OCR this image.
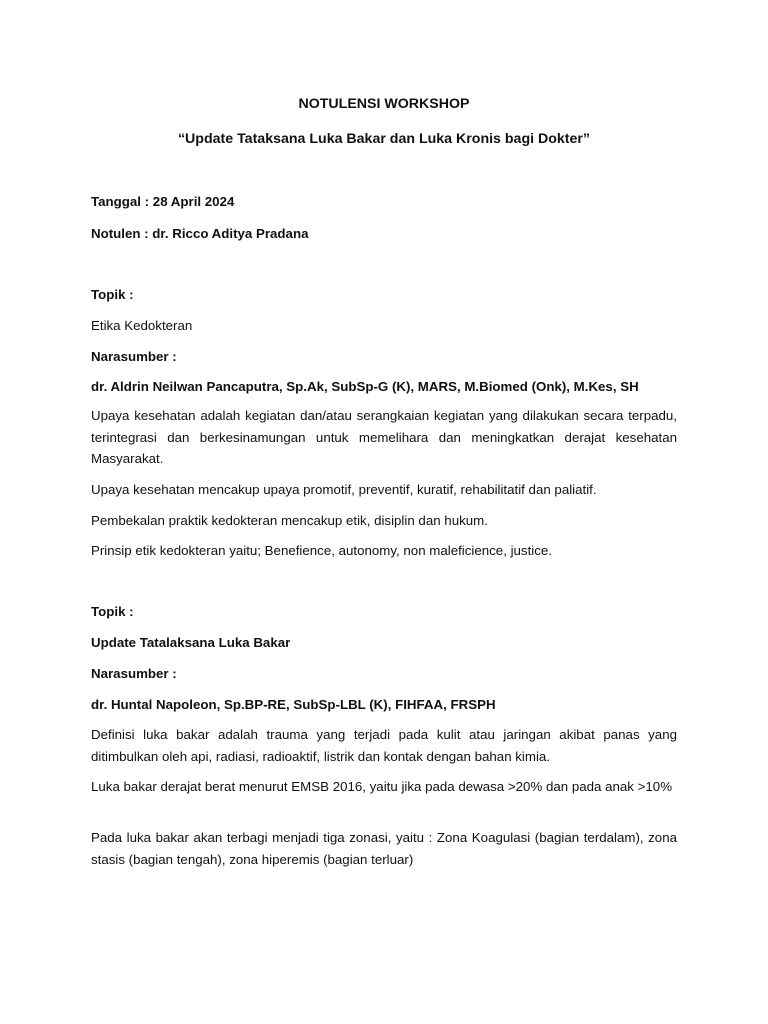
NOTULENSI WORKSHOP

“Update Tataksana Luka Bakar dan Luka Kronis bagi Dokter”

Tanggal : 28 April 2024

Notulen : dr. Ricco Aditya Pradana

Topik :

Etika Kedokteran

Narasumber :

dr. Aldrin Neilwan Pancaputra, Sp.Ak, SubSp-G (K), MARS, M.Biomed (Onk), M.Kes, SH

Upaya kesehatan adalah kegiatan dan/atau serangkaian kegiatan yang dilakukan secara terpadu, terintegrasi dan berkesinamungan untuk memelihara dan meningkatkan derajat kesehatan Masyarakat.

Upaya kesehatan mencakup upaya promotif, preventif, kuratif, rehabilitatif dan paliatif.

Pembekalan praktik kedokteran mencakup etik, disiplin dan hukum.

Prinsip etik kedokteran yaitu; Benefience, autonomy, non maleficience, justice.

Topik :

Update Tatalaksana Luka Bakar

Narasumber :

dr. Huntal Napoleon, Sp.BP-RE, SubSp-LBL (K), FIHFAA, FRSPH

Definisi luka bakar adalah trauma yang terjadi pada kulit atau jaringan akibat panas yang ditimbulkan oleh api, radiasi, radioaktif, listrik dan kontak dengan bahan kimia.

Luka bakar derajat berat menurut EMSB 2016, yaitu jika pada dewasa >20% dan pada anak >10%

Pada luka bakar akan terbagi menjadi tiga zonasi, yaitu : Zona Koagulasi (bagian terdalam), zona stasis (bagian tengah), zona hiperemis (bagian terluar)
